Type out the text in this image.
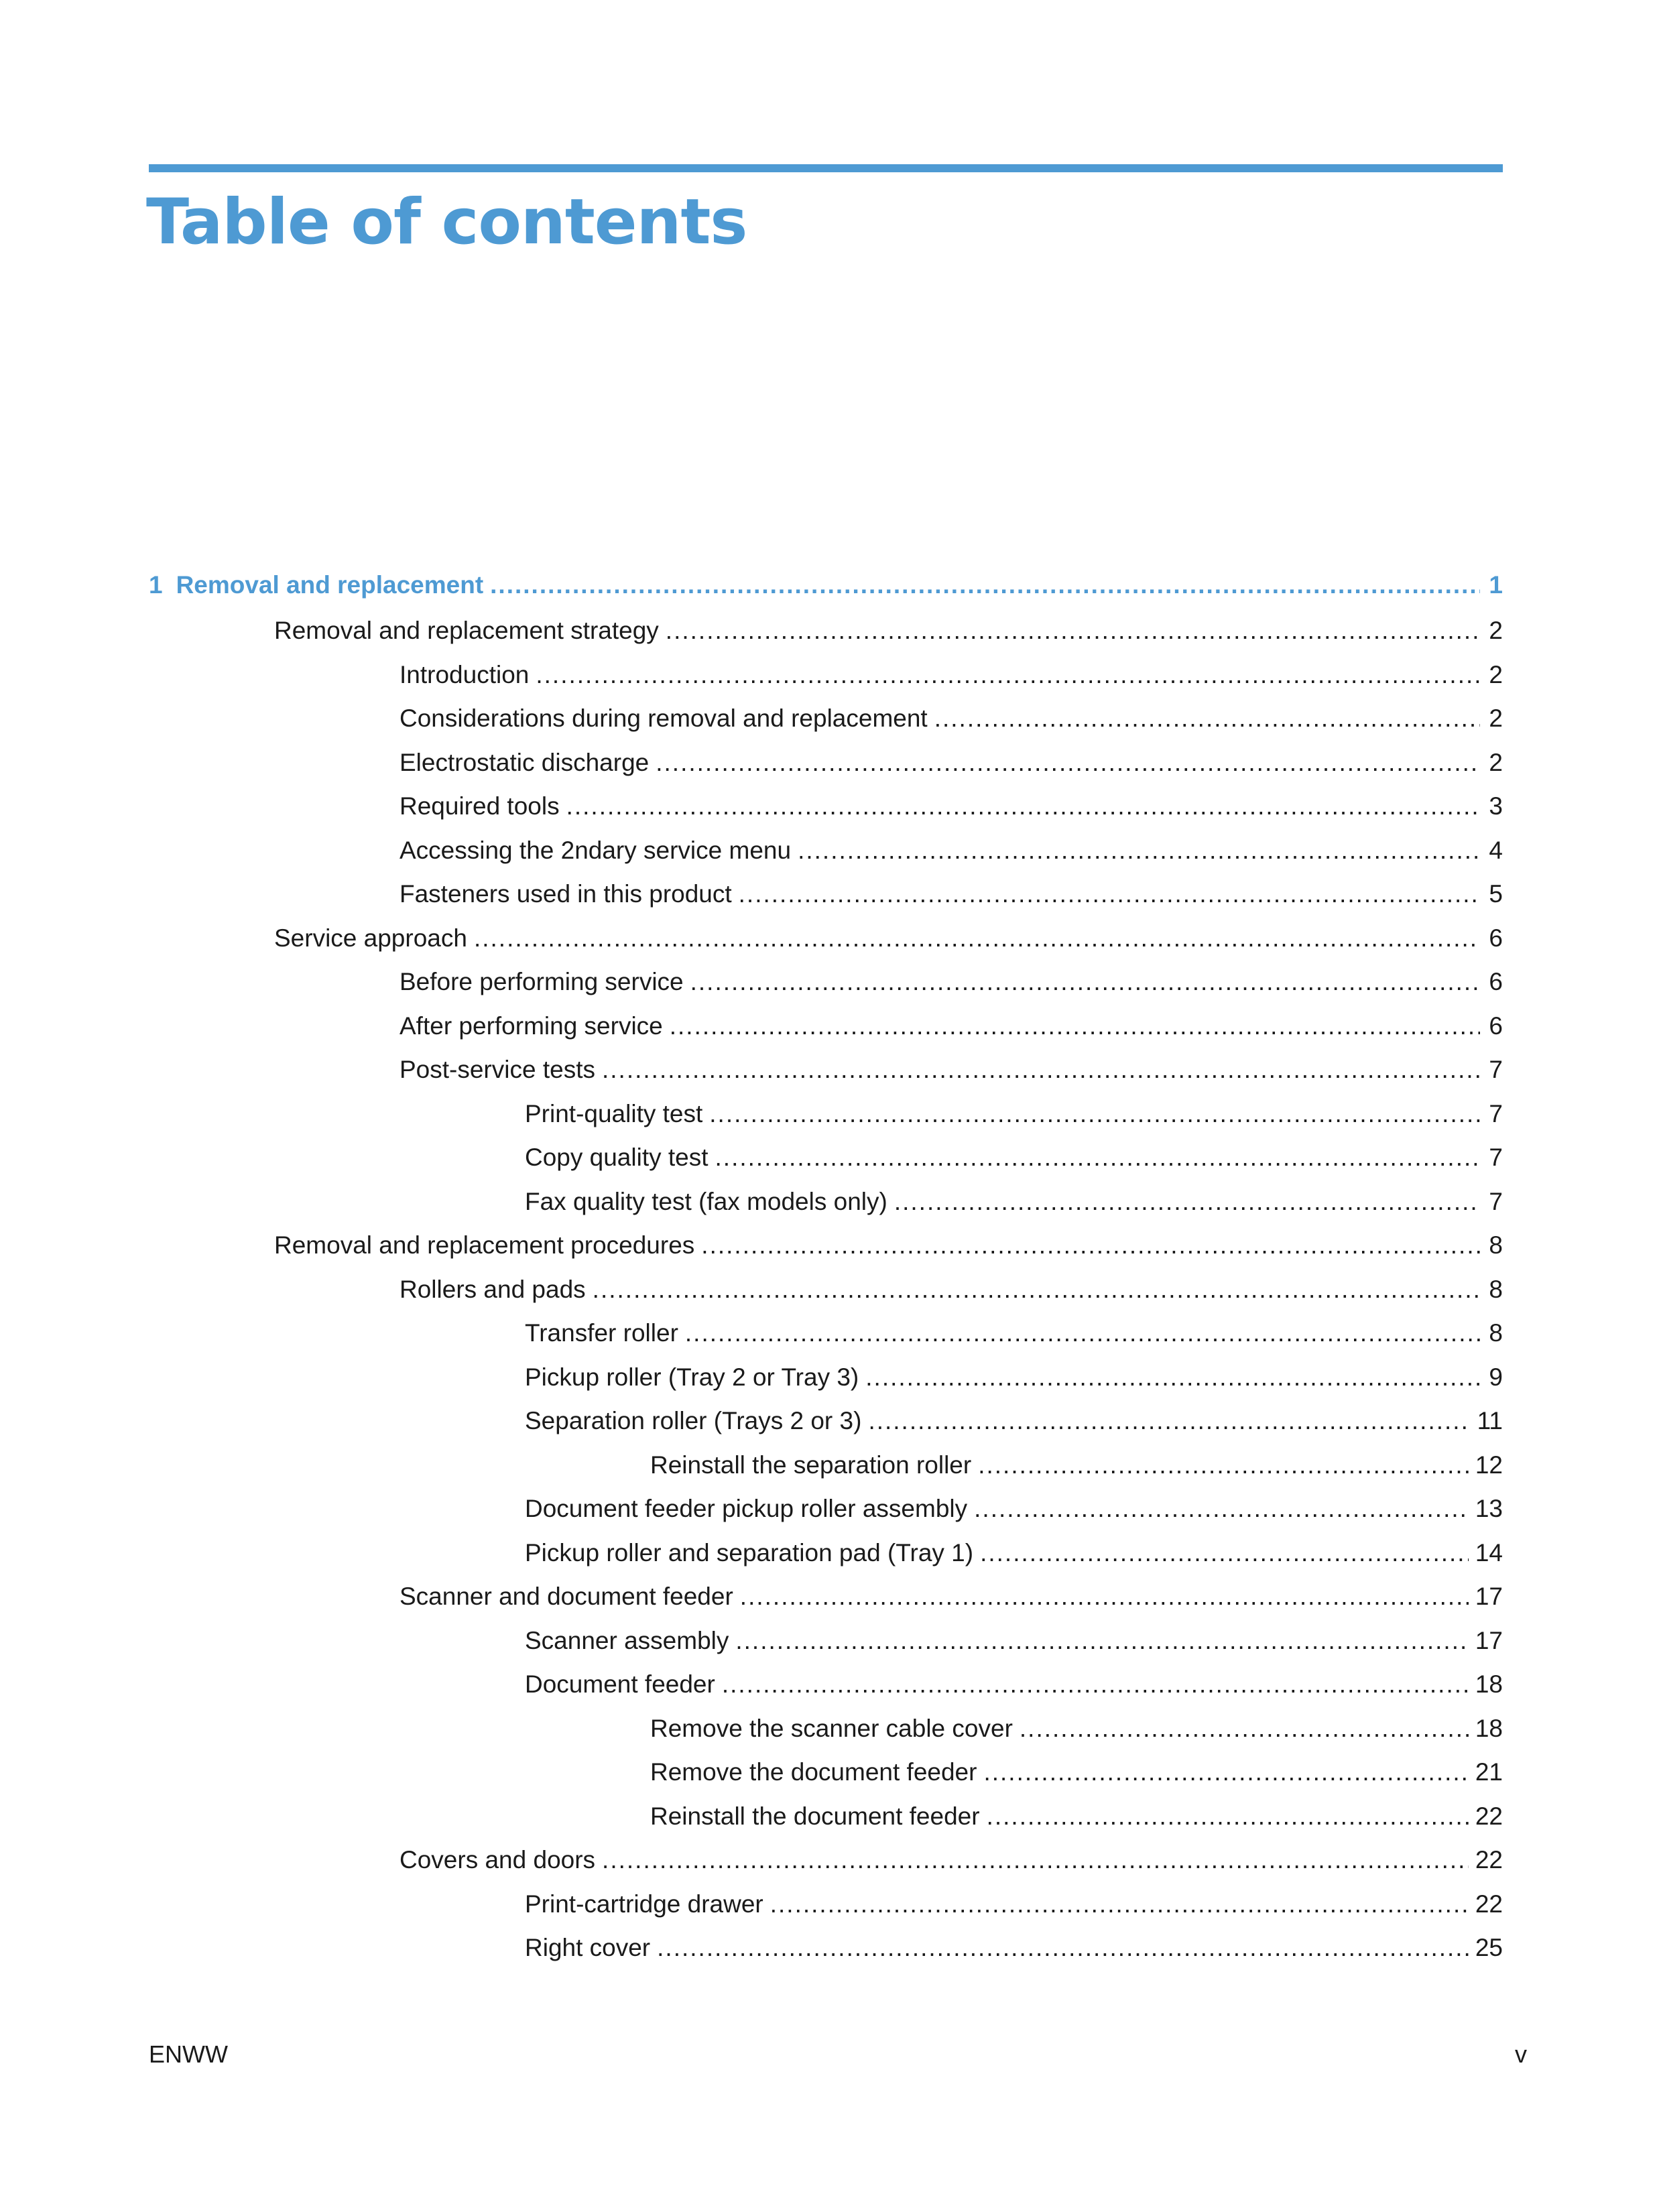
Table of contents
1 Removal and replacement .....	1
Removal and replacement strategy .....	2
Introduction .....	2
Considerations during removal and replacement .....	2
Electrostatic discharge .....	2
Required tools .....	3
Accessing the 2ndary service menu .....	4
Fasteners used in this product .....	5
Service approach .....	6
Before performing service .....	6
After performing service .....	6
Post-service tests .....	7
Print-quality test .....	7
Copy quality test .....	7
Fax quality test (fax models only) .....	7
Removal and replacement procedures .....	8
Rollers and pads .....	8
Transfer roller .....	8
Pickup roller (Tray 2 or Tray 3) .....	9
Separation roller (Trays 2 or 3) .....	11
Reinstall the separation roller .....	12
Document feeder pickup roller assembly .....	13
Pickup roller and separation pad (Tray 1) .....	14
Scanner and document feeder .....	17
Scanner assembly .....	17
Document feeder .....	18
Remove the scanner cable cover .....	18
Remove the document feeder .....	21
Reinstall the document feeder .....	22
Covers and doors .....	22
Print-cartridge drawer .....	22
Right cover .....	25
ENWW	v
